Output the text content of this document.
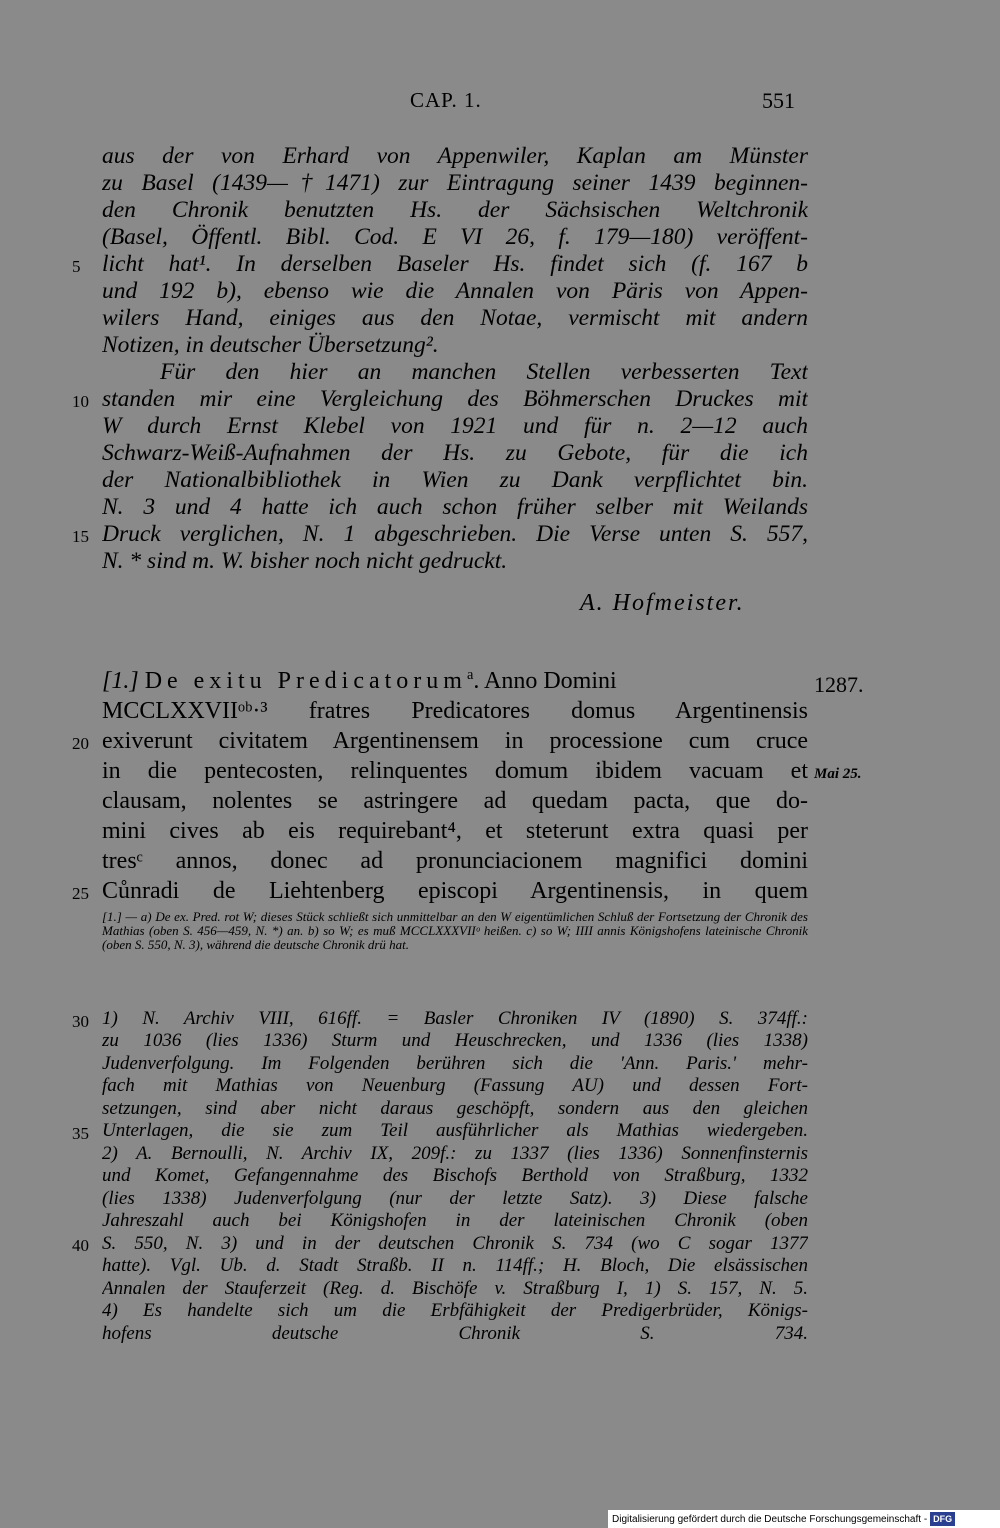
CAP. 1.	551
aus der von Erhard von Appenwiler, Kaplan am Münster
zu Basel (1439—†1471) zur Eintragung seiner 1439 beginnen-
den Chronik benutzten Hs. der Sächsischen Weltchronik
(Basel, Öffentl. Bibl. Cod. E VI 26, f. 179—180) veröffent-
licht hat¹. In derselben Baseler Hs. findet sich (f. 167 b
und 192 b), ebenso wie die Annalen von Päris von Appen-
wilers Hand, einiges aus den Notae, vermischt mit andern
Notizen, in deutscher Übersetzung².
Für den hier an manchen Stellen verbesserten Text
standen mir eine Vergleichung des Böhmerschen Druckes mit
W durch Ernst Klebel von 1921 und für n. 2—12 auch
Schwarz-Weiß-Aufnahmen der Hs. zu Gebote, für die ich
der Nationalbibliothek in Wien zu Dank verpflichtet bin.
N. 3 und 4 hatte ich auch schon früher selber mit Weilands
Druck verglichen, N. 1 abgeschrieben. Die Verse unten S. 557,
N. * sind m. W. bisher noch nicht gedruckt.
A. Hofmeister.
[1.] De exitu Predicatorum$^a$. Anno Domini
MCCLXXVIIᵒᵇ·³ fratres Predicatores domus Argentinensis
exiverunt civitatem Argentinensem in processione cum cruce
in die pentecosten, relinquentes domum ibidem vacuam et
clausam, nolentes se astringere ad quedam pacta, que do-
mini cives ab eis requirebant⁴, et steterunt extra quasi per
tresᶜ annos, donec ad pronunciacionem magnifici domini
Cůnradi de Liehtenberg episcopi Argentinensis, in quem
1287.
Mai 25.
5
10
15
20
25
30
35
40
[1.] — a) De ex. Pred. rot W; dieses Stück schließt sich unmittelbar an den W eigentümlichen Schluß der Fortsetzung der Chronik des Mathias (oben S. 456—459, N. *) an. b) so W; es muß MCCLXXXVIIᵒ heißen. c) so W; IIII annis Königshofens lateinische Chronik (oben S. 550, N. 3), während die deutsche Chronik drü hat.
1) N. Archiv VIII, 616ff. = Basler Chroniken IV (1890) S. 374ff.:
zu 1036 (lies 1336) Sturm und Heuschrecken, und 1336 (lies 1338)
Judenverfolgung. Im Folgenden berühren sich die 'Ann. Paris.' mehr-
fach mit Mathias von Neuenburg (Fassung AU) und dessen Fort-
setzungen, sind aber nicht daraus geschöpft, sondern aus den gleichen
Unterlagen, die sie zum Teil ausführlicher als Mathias wiedergeben.
2) A. Bernoulli, N. Archiv IX, 209f.: zu 1337 (lies 1336) Sonnenfinsternis
und Komet, Gefangennahme des Bischofs Berthold von Straßburg, 1332
(lies 1338) Judenverfolgung (nur der letzte Satz). 3) Diese falsche
Jahreszahl auch bei Königshofen in der lateinischen Chronik (oben
S. 550, N. 3) und in der deutschen Chronik S. 734 (wo C sogar 1377
hatte). Vgl. Ub. d. Stadt Straßb. II n. 114ff.; H. Bloch, Die elsässischen
Annalen der Stauferzeit (Reg. d. Bischöfe v. Straßburg I, 1) S. 157, N. 5.
4) Es handelte sich um die Erbfähigkeit der Predigerbrüder, Königs-
hofens deutsche Chronik S. 734.
Digitalisierung gefördert durch die Deutsche Forschungsgemeinschaft - DFG
